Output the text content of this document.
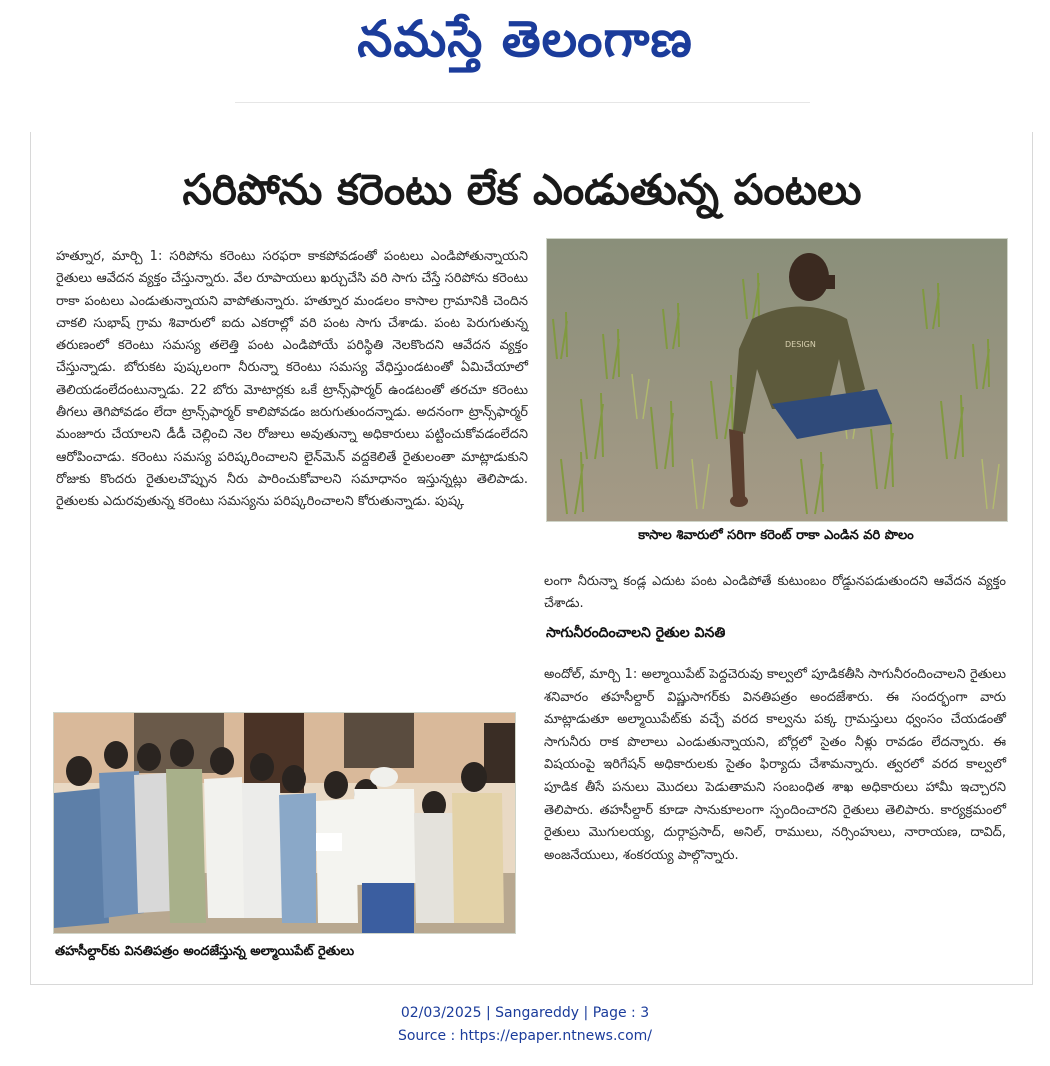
నమస్తే తెలంగాణ
సరిపోను కరెంటు లేక ఎండుతున్న పంటలు

హత్నూర, మార్చి 1: సరిపోను కరెంటు సరఫరా కాకపోవడంతో పంటలు ఎండిపోతున్నాయని రైతులు ఆవేదన వ్యక్తం చేస్తున్నారు. వేల రూపాయలు ఖర్చుచేసి వరి సాగు చేస్తే సరిపోను కరెంటు రాకా పంటలు ఎండుతున్నాయని వాపోతున్నారు. హత్నూర మండలం కాసాల గ్రామానికి చెందిన చాకలి సుభాష్ గ్రామ శివారులో ఐదు ఎకరాల్లో వరి పంట సాగు చేశాడు. పంట పెరుగుతున్న తరుణంలో కరెంటు సమస్య తలెత్తి పంట ఎండిపోయే పరిస్థితి నెలకొందని ఆవేదన వ్యక్తం చేస్తున్నాడు. బోరుకట పుష్కలంగా నీరున్నా కరెంటు సమస్య వేధిస్తుండటంతో ఏమిచేయాలో తెలియడంలేదంటున్నాడు. 22 బోరు మోటార్లకు ఒకే ట్రాన్స్‌ఫార్మర్ ఉండటంతో తరచూ కరెంటు తీగలు తెగిపోవడం లేదా ట్రాన్స్‌ఫార్మర్ కాలిపోవడం జరుగుతుందన్నాడు. అదనంగా ట్రాన్స్‌ఫార్మర్ మంజూరు చేయాలని డీడీ చెల్లించి నెల రోజులు అవుతున్నా అధికారులు పట్టించుకోవడంలేదని ఆరోపించాడు. కరెంటు సమస్య పరిష్కరించాలని లైన్‌మెన్ వద్దకెలితే రైతులంతా మాట్లాడుకుని రోజుకు కొందరు రైతులచొప్పున నీరు పారించుకోవాలని సమాధానం ఇస్తున్నట్లు తెలిపాడు. రైతులకు ఎదురవుతున్న కరెంటు సమస్యను పరిష్కరించాలని కోరుతున్నాడు. పుష్క

DESIGN
కాసాల శివారులో సరిగా కరెంట్ రాకా ఎండిన వరి పొలం
తహసీల్దార్‌కు వినతిపత్రం అందజేస్తున్న అల్మాయిపేట్ రైతులు

లంగా నీరున్నా కండ్ల ఎదుట పంట ఎండిపోతే కుటుంబం రోడ్డునపడుతుందని ఆవేదన వ్యక్తం చేశాడు.

సాగునీరందించాలని రైతుల వినతి

అందోల్, మార్చి 1: అల్మాయిపేట్ పెద్దచెరువు కాల్వలో పూడికతీసి సాగునీరందించాలని రైతులు శనివారం తహసీల్దార్ విష్ణుసాగర్‌కు వినతిపత్రం అందజేశారు. ఈ సందర్భంగా వారు మాట్లాడుతూ అల్మాయిపేట్‌కు వచ్చే వరద కాల్వను పక్క గ్రామస్తులు ధ్వంసం చేయడంతో సాగునీరు రాక పొలాలు ఎండుతున్నాయని, బోర్లలో సైతం నీళ్లు రావడం లేదన్నారు. ఈ విషయంపై ఇరిగేషన్ అధికారులకు సైతం ఫిర్యాదు చేశామన్నారు. త్వరలో వరద కాల్వలో పూడిక తీసే పనులు మొదలు పెడుతామని సంబంధిత శాఖ అధికారులు హామీ ఇచ్చారని తెలిపారు. తహసీల్దార్ కూడా సానుకూలంగా స్పందించారని రైతులు తెలిపారు. కార్యక్రమంలో రైతులు మొగులయ్య, దుర్గాప్రసాద్, అనిల్, రాములు, నర్సింహులు, నారాయణ, దావిద్, అంజనేయులు, శంకరయ్య పాల్గొన్నారు.

02/03/2025 | Sangareddy | Page : 3
Source : https://epaper.ntnews.com/
